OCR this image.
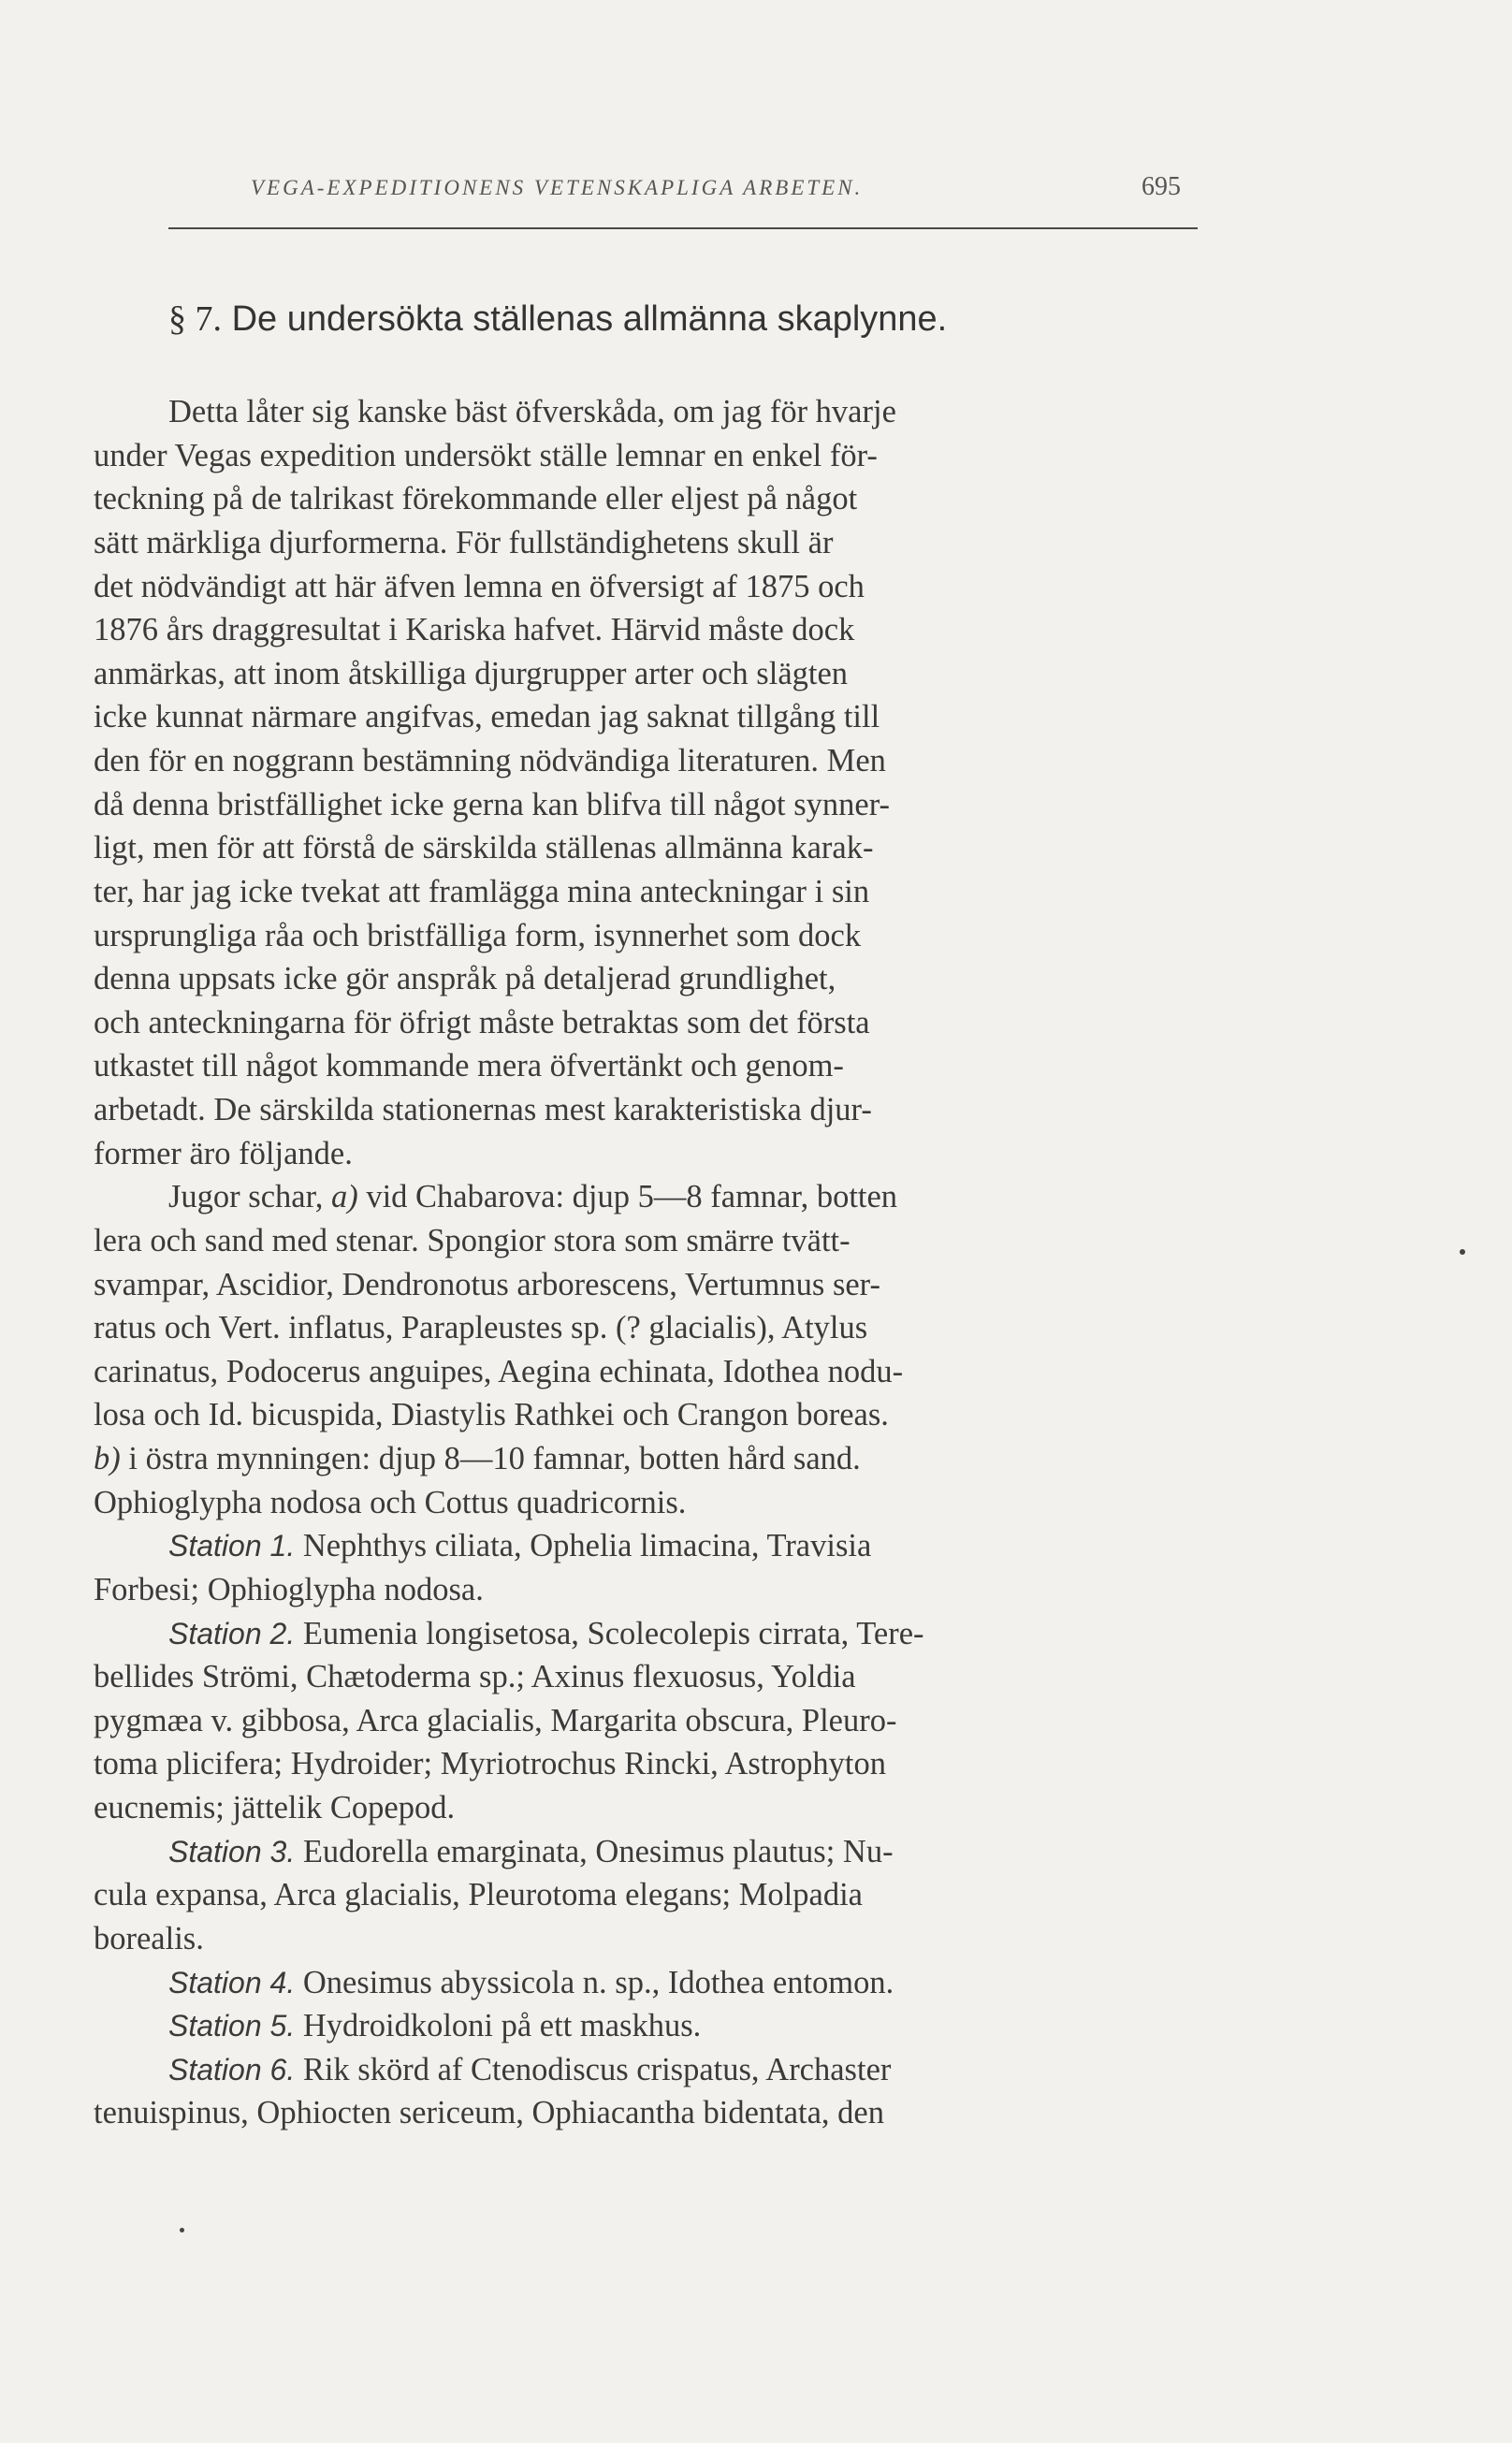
VEGA-EXPEDITIONENS VETENSKAPLIGA ARBETEN.	695
§ 7. De undersökta ställenas allmänna skaplynne.
Detta låter sig kanske bäst öfverskåda, om jag för hvarje
under Vegas expedition undersökt ställe lemnar en enkel för-
teckning på de talrikast förekommande eller eljest på något
sätt märkliga djurformerna. För fullständighetens skull är
det nödvändigt att här äfven lemna en öfversigt af 1875 och
1876 års draggresultat i Kariska hafvet. Härvid måste dock
anmärkas, att inom åtskilliga djurgrupper arter och slägten
icke kunnat närmare angifvas, emedan jag saknat tillgång till
den för en noggrann bestämning nödvändiga literaturen. Men
då denna bristfällighet icke gerna kan blifva till något synner-
ligt, men för att förstå de särskilda ställenas allmänna karak-
ter, har jag icke tvekat att framlägga mina anteckningar i sin
ursprungliga råa och bristfälliga form, isynnerhet som dock
denna uppsats icke gör anspråk på detaljerad grundlighet,
och anteckningarna för öfrigt måste betraktas som det första
utkastet till något kommande mera öfvertänkt och genom-
arbetadt. De särskilda stationernas mest karakteristiska djur-
former äro följande.
Jugor schar, a) vid Chabarova: djup 5—8 famnar, botten
lera och sand med stenar. Spongior stora som smärre tvätt-
svampar, Ascidior, Dendronotus arborescens, Vertumnus ser-
ratus och Vert. inflatus, Parapleustes sp. (? glacialis), Atylus
carinatus, Podocerus anguipes, Aegina echinata, Idothea nodu-
losa och Id. bicuspida, Diastylis Rathkei och Crangon boreas.
b) i östra mynningen: djup 8—10 famnar, botten hård sand.
Ophioglypha nodosa och Cottus quadricornis.
Station 1. Nephthys ciliata, Ophelia limacina, Travisia
Forbesi; Ophioglypha nodosa.
Station 2. Eumenia longisetosa, Scolecolepis cirrata, Tere-
bellides Strömi, Chætoderma sp.; Axinus flexuosus, Yoldia
pygmæa v. gibbosa, Arca glacialis, Margarita obscura, Pleuro-
toma plicifera; Hydroider; Myriotrochus Rincki, Astrophyton
eucnemis; jättelik Copepod.
Station 3. Eudorella emarginata, Onesimus plautus; Nu-
cula expansa, Arca glacialis, Pleurotoma elegans; Molpadia
borealis.
Station 4. Onesimus abyssicola n. sp., Idothea entomon.
Station 5. Hydroidkoloni på ett maskhus.
Station 6. Rik skörd af Ctenodiscus crispatus, Archaster
tenuispinus, Ophiocten sericeum, Ophiacantha bidentata, den
